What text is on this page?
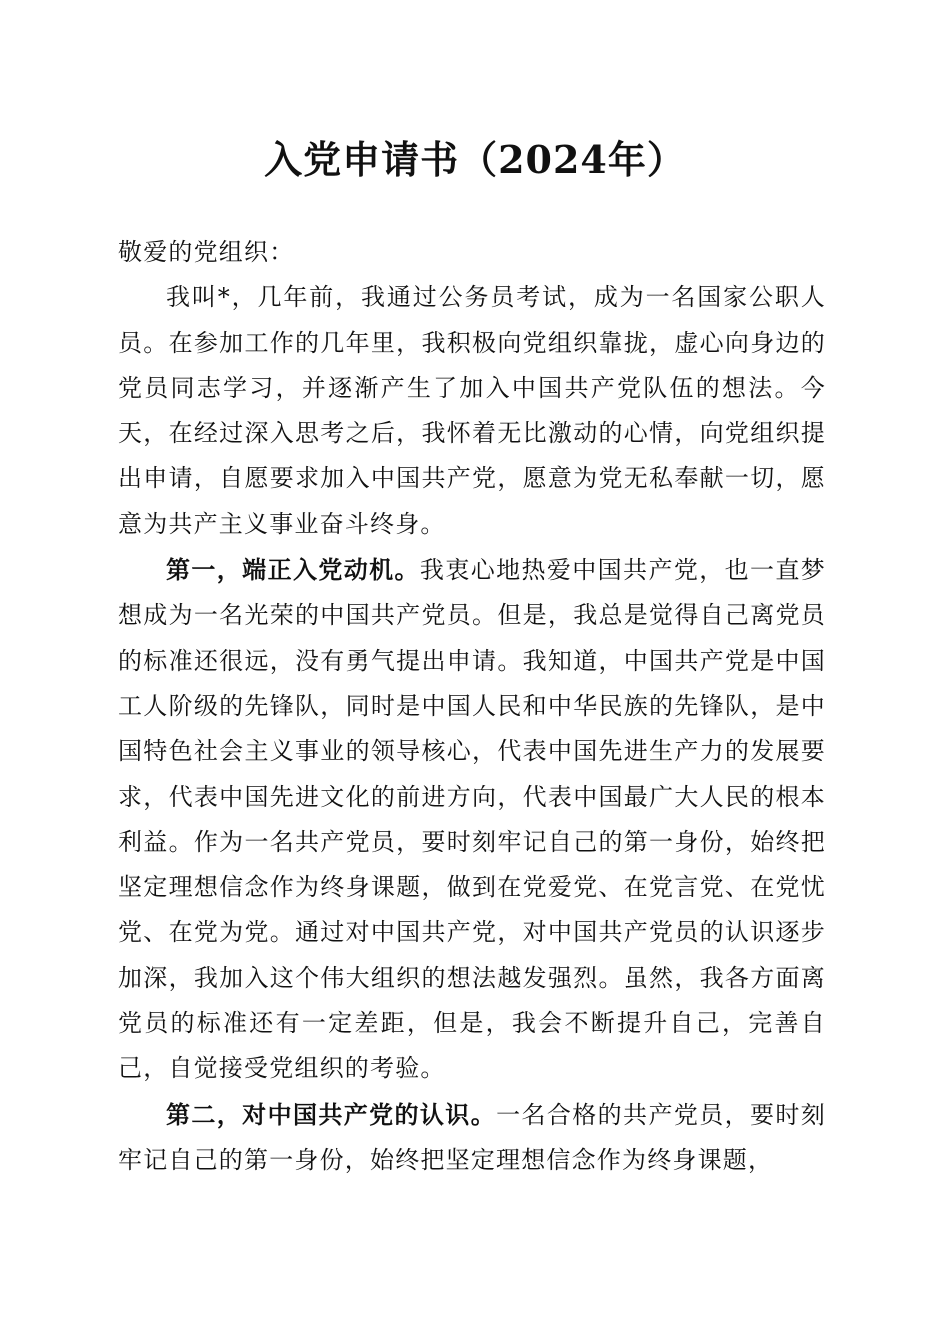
入党申请书（2024年）

敬爱的党组织：

我叫*，几年前，我通过公务员考试，成为一名国家公职人员。在参加工作的几年里，我积极向党组织靠拢，虚心向身边的党员同志学习，并逐渐产生了加入中国共产党队伍的想法。今天，在经过深入思考之后，我怀着无比激动的心情，向党组织提出申请，自愿要求加入中国共产党，愿意为党无私奉献一切，愿意为共产主义事业奋斗终身。

第一，端正入党动机。我衷心地热爱中国共产党，也一直梦想成为一名光荣的中国共产党员。但是，我总是觉得自己离党员的标准还很远，没有勇气提出申请。我知道，中国共产党是中国工人阶级的先锋队，同时是中国人民和中华民族的先锋队，是中国特色社会主义事业的领导核心，代表中国先进生产力的发展要求，代表中国先进文化的前进方向，代表中国最广大人民的根本利益。作为一名共产党员，要时刻牢记自己的第一身份，始终把坚定理想信念作为终身课题，做到在党爱党、在党言党、在党忧党、在党为党。通过对中国共产党，对中国共产党员的认识逐步加深，我加入这个伟大组织的想法越发强烈。虽然，我各方面离党员的标准还有一定差距，但是，我会不断提升自己，完善自己，自觉接受党组织的考验。

第二，对中国共产党的认识。一名合格的共产党员，要时刻牢记自己的第一身份，始终把坚定理想信念作为终身课题，
